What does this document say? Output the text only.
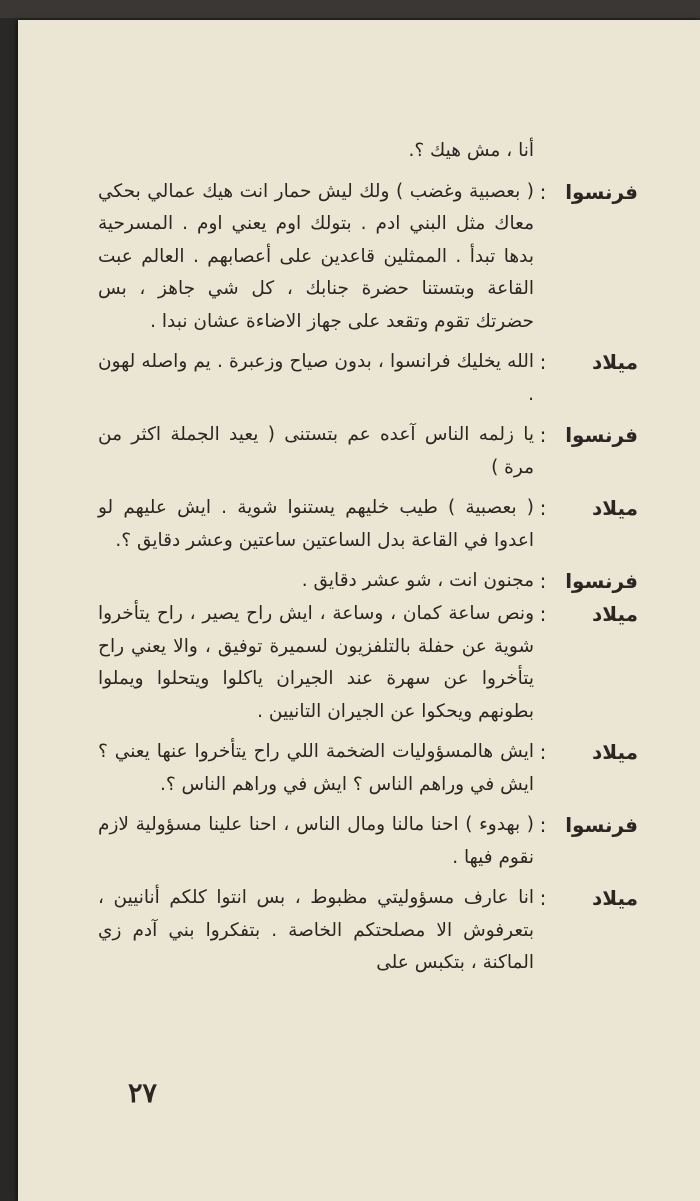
أنا ، مش هيك ؟.
فرنسوا
:
( بعصبية وغضب ) ولك ليش حمار انت هيك عمالي بحكي معاك مثل البني ادم . بتولك اوم يعني اوم . المسرحية بدها تبدأ . الممثلين قاعدين على أعصابهم . العالم عبت القاعة وبتستنا حضرة جنابك ، كل شي جاهز ، بس حضرتك تقوم وتقعد على جهاز الاضاءة عشان نبدا .
ميلاد
:
الله يخليك فرانسوا ، بدون صياح وزعبرة . يم واصله لهون .
فرنسوا
:
يا زلمه الناس آعده عم بتستنى ( يعيد الجملة اكثر من مرة )
ميلاد
:
( بعصبية ) طيب خليهم يستنوا شوية . ايش عليهم لو اعدوا في القاعة بدل الساعتين ساعتين وعشر دقايق ؟.
فرنسوا
:
مجنون انت ، شو عشر دقايق .
ميلاد
:
ونص ساعة كمان ، وساعة ، ايش راح يصير ، راح يتأخروا شوية عن حفلة بالتلفزيون لسميرة توفيق ، والا يعني راح يتأخروا عن سهرة عند الجيران ياكلوا ويتحلوا ويملوا بطونهم ويحكوا عن الجيران التانيين .
ميلاد
:
ايش هالمسؤوليات الضخمة اللي راح يتأخروا عنها يعني ؟ ايش في وراهم الناس ؟ ايش في وراهم الناس ؟.
فرنسوا
:
( بهدوء ) احنا مالنا ومال الناس ، احنا علينا مسؤولية لازم نقوم فيها .
ميلاد
:
انا عارف مسؤوليتي مظبوط ، بس انتوا كلكم أنانيين ، بتعرفوش الا مصلحتكم الخاصة . بتفكروا بني آدم زي الماكنة ، بتكبس على
٢٧
